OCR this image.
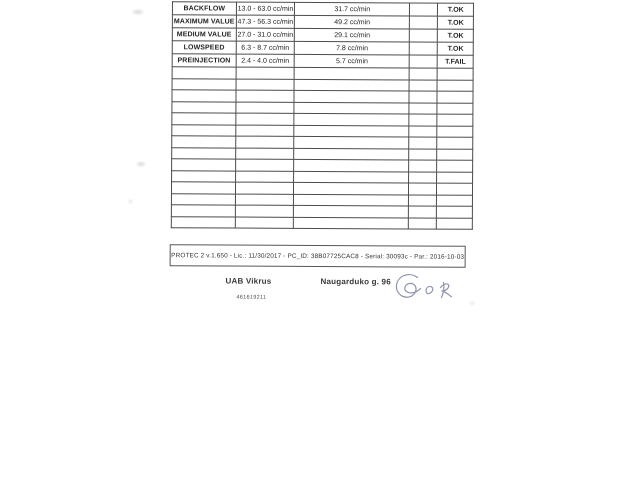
BACKFLOW	13.0 - 63.0 cc/min	31.7 cc/min		T.OK
MAXIMUM VALUE	47.3 - 56.3 cc/min	49.2 cc/min		T.OK
MEDIUM VALUE	27.0 - 31.0 cc/min	29.1 cc/min		T.OK
LOWSPEED	6.3 - 8.7 cc/min	7.8 cc/min		T.OK
PREINJECTION	2.4 - 4.0 cc/min	5.7 cc/min		T.FAIL

PROTEC 2 v.1.650 - Lic.: 11/30/2017 - PC_ID: 38B07725CAC8 - Serial: 30093c - Par.: 2016-10-03
UAB Vikrus	Naugarduko g. 96
461619211
